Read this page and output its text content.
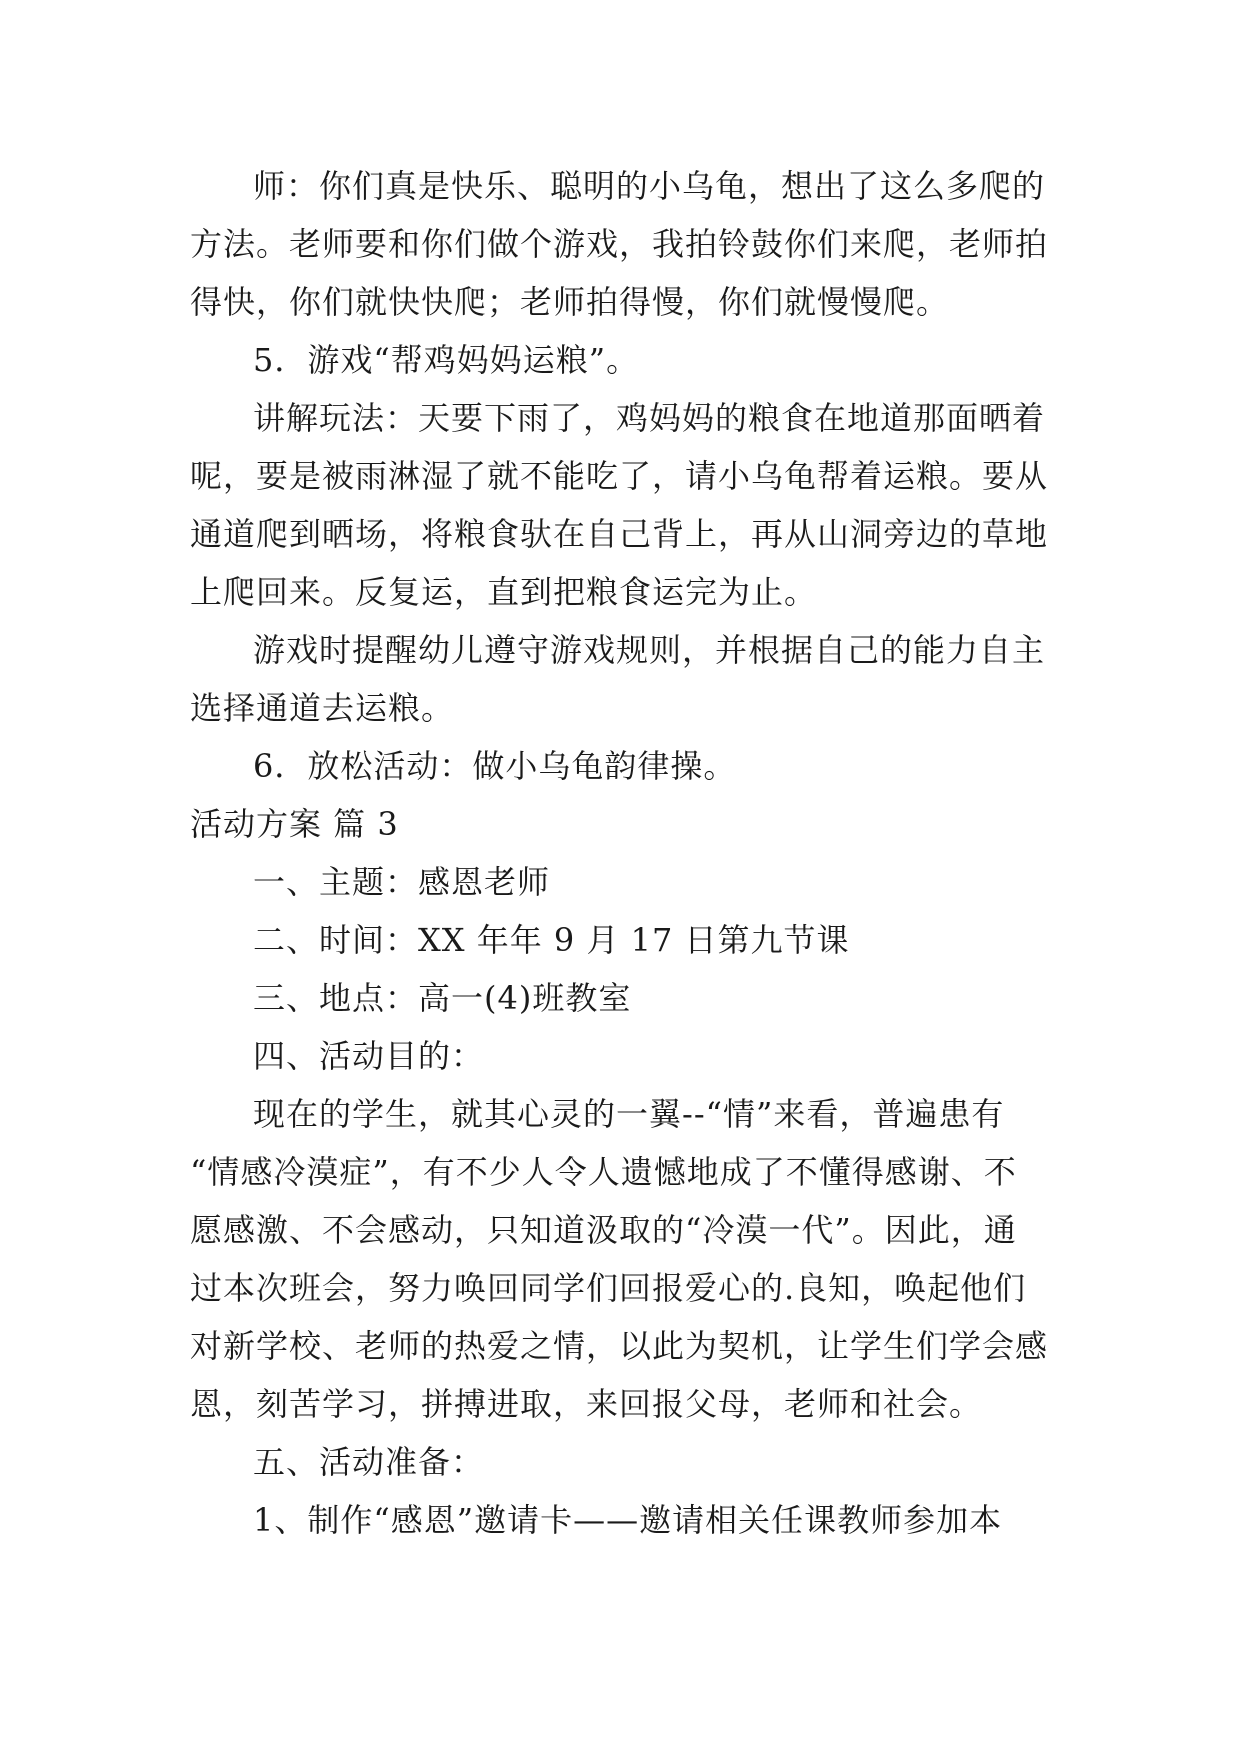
师：你们真是快乐、聪明的小乌龟，想出了这么多爬的
方法。老师要和你们做个游戏，我拍铃鼓你们来爬，老师拍
得快，你们就快快爬；老师拍得慢，你们就慢慢爬。
5．游戏“帮鸡妈妈运粮”。
讲解玩法：天要下雨了，鸡妈妈的粮食在地道那面晒着
呢，要是被雨淋湿了就不能吃了，请小乌龟帮着运粮。要从
通道爬到晒场，将粮食驮在自己背上，再从山洞旁边的草地
上爬回来。反复运，直到把粮食运完为止。
游戏时提醒幼儿遵守游戏规则，并根据自己的能力自主
选择通道去运粮。
6．放松活动：做小乌龟韵律操。
活动方案 篇 3
一、主题：感恩老师
二、时间：XX 年年 9 月 17 日第九节课
三、地点：高一(4)班教室
四、活动目的：
现在的学生，就其心灵的一翼--“情”来看，普遍患有
“情感冷漠症”，有不少人令人遗憾地成了不懂得感谢、不
愿感激、不会感动，只知道汲取的“冷漠一代”。因此，通
过本次班会，努力唤回同学们回报爱心的.良知，唤起他们
对新学校、老师的热爱之情，以此为契机，让学生们学会感
恩，刻苦学习，拼搏进取，来回报父母，老师和社会。
五、活动准备：
1、制作“感恩”邀请卡——邀请相关任课教师参加本
